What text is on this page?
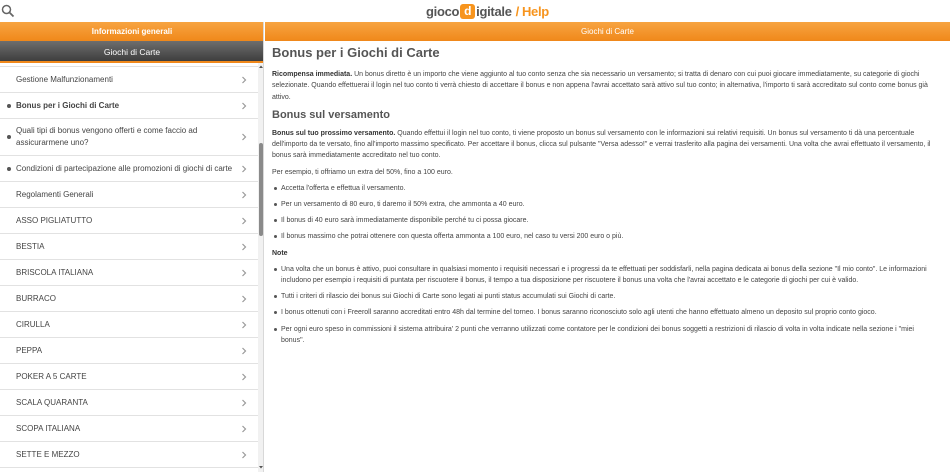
gioco d igitale / Help
Gestione Malfunzionamenti
Bonus per i Giochi di Carte
Quali tipi di bonus vengono offerti e come faccio ad assicurarmene uno?
Condizioni di partecipazione alle promozioni di giochi di carte
Regolamenti Generali
ASSO PIGLIATUTTO
BESTIA
BRISCOLA ITALIANA
BURRACO
CIRULLA
PEPPA
POKER A 5 CARTE
SCALA QUARANTA
SCOPA ITALIANA
SETTE E MEZZO
Informazioni generali
Giochi di Carte
Giochi di Carte
Bonus per i Giochi di Carte

Ricompensa immediata. Un bonus diretto è un importo che viene aggiunto al tuo conto senza che sia necessario un versamento; si tratta di denaro con cui puoi giocare immediatamente, su categorie di giochi selezionate. Quando effettuerai il login nel tuo conto ti verrà chiesto di accettare il bonus e non appena l'avrai accettato sarà attivo sul tuo conto; in alternativa, l'importo ti sarà accreditato sul conto come bonus già attivo.

Bonus sul versamento

Bonus sul tuo prossimo versamento. Quando effettui il login nel tuo conto, ti viene proposto un bonus sul versamento con le informazioni sui relativi requisiti. Un bonus sul versamento ti dà una percentuale dell'importo da te versato, fino all'importo massimo specificato. Per accettare il bonus, clicca sul pulsante "Versa adesso!" e verrai trasferito alla pagina dei versamenti. Una volta che avrai effettuato il versamento, il bonus sarà immediatamente accreditato nel tuo conto.

Per esempio, ti offriamo un extra del 50%, fino a 100 euro.

Accetta l'offerta e effettua il versamento.
Per un versamento di 80 euro, ti daremo il 50% extra, che ammonta a 40 euro.
Il bonus di 40 euro sarà immediatamente disponibile perché tu ci possa giocare.
Il bonus massimo che potrai ottenere con questa offerta ammonta a 100 euro, nel caso tu versi 200 euro o più.

Note

Una volta che un bonus è attivo, puoi consultare in qualsiasi momento i requisiti necessari e i progressi da te effettuati per soddisfarli, nella pagina dedicata ai bonus della sezione "Il mio conto". Le informazioni includono per esempio i requisiti di puntata per riscuotere il bonus, il tempo a tua disposizione per riscuotere il bonus una volta che l'avrai accettato e le categorie di giochi per cui è valido.
Tutti i criteri di rilascio dei bonus sui Giochi di Carte sono legati ai punti status accumulati sui Giochi di carte.
I bonus ottenuti con i Freeroll saranno accreditati entro 48h dal termine del torneo. I bonus saranno riconosciuto solo agli utenti che hanno effettuato almeno un deposito sul proprio conto gioco.
Per ogni euro speso in commissioni il sistema attribuira' 2 punti che verranno utilizzati come contatore per le condizioni dei bonus soggetti a restrizioni di rilascio di volta in volta indicate nella sezione i "miei bonus".
